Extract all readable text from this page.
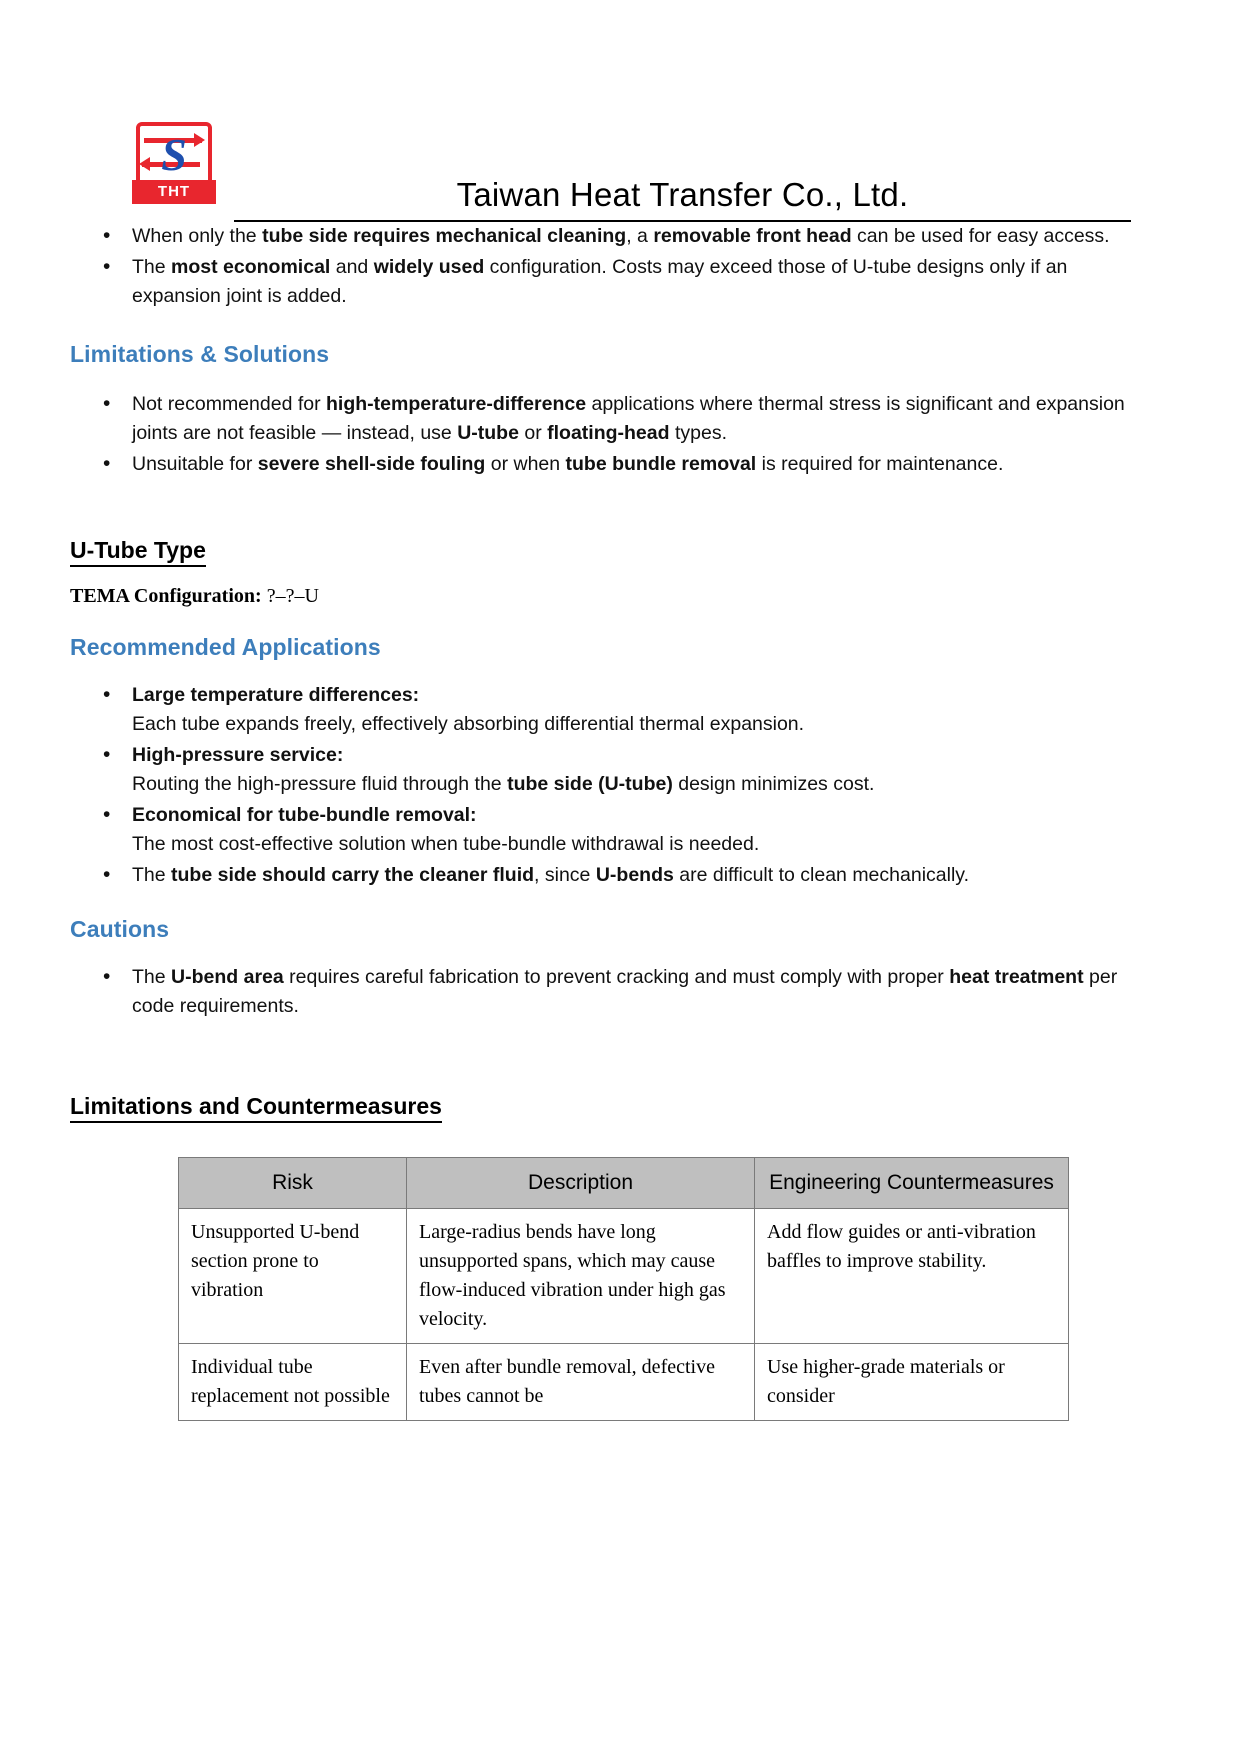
S
THT	Taiwan Heat Transfer Co., Ltd.
• When only the tube side requires mechanical cleaning, a removable front head can be used for easy access.
• The most economical and widely used configuration. Costs may exceed those of U-tube designs only if an expansion joint is added.
Limitations & Solutions
• Not recommended for high-temperature-difference applications where thermal stress is significant and expansion joints are not feasible — instead, use U-tube or floating-head types.
• Unsuitable for severe shell-side fouling or when tube bundle removal is required for maintenance.
U-Tube Type
TEMA Configuration: ?–?–U
Recommended Applications
• Large temperature differences:
Each tube expands freely, effectively absorbing differential thermal expansion.
• High-pressure service:
Routing the high-pressure fluid through the tube side (U-tube) design minimizes cost.
• Economical for tube-bundle removal:
The most cost-effective solution when tube-bundle withdrawal is needed.
• The tube side should carry the cleaner fluid, since U-bends are difficult to clean mechanically.
Cautions
• The U-bend area requires careful fabrication to prevent cracking and must comply with proper heat treatment per code requirements.
Limitations and Countermeasures
Risk	Description	Engineering Countermeasures
Unsupported U-bend section prone to vibration	Large-radius bends have long unsupported spans, which may cause flow-induced vibration under high gas velocity.	Add flow guides or anti-vibration baffles to improve stability.
Individual tube replacement not possible	Even after bundle removal, defective tubes cannot be	Use higher-grade materials or consider
